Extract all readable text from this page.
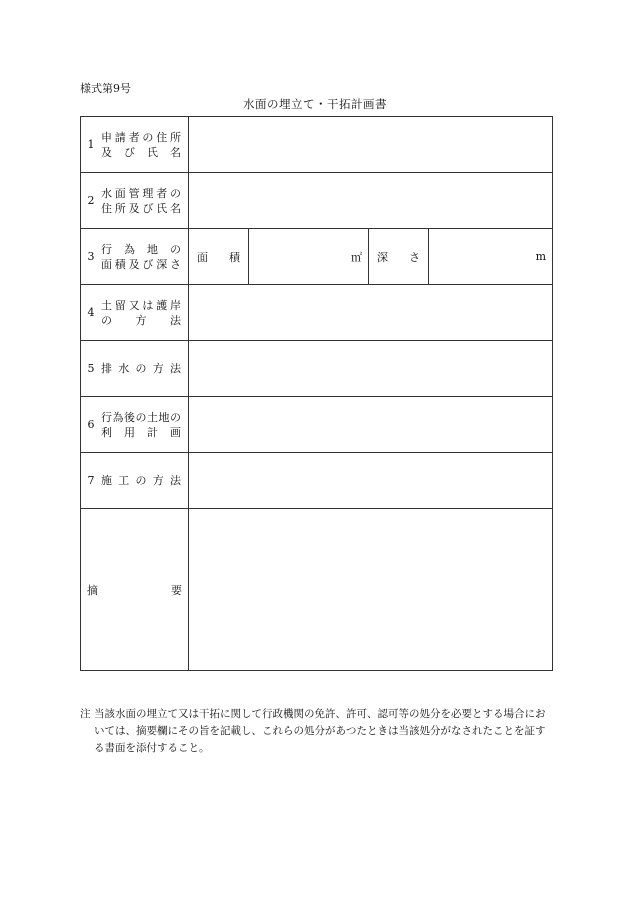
様式第9号
水面の埋立て・干拓計画書
1
申請者の住所
及 び 氏 名				

2
水面管理者の
住所及び氏名				

3
行 為 地 の
面積及び深さ	面 積	㎡	深 さ	m

4
土留又は護岸
の 方 法				

5 排 水 の 方 法				

6
行為後の土地の
利 用 計 画				

7 施 工 の 方 法				

摘 要				

注 当該水面の埋立て又は干拓に関して行政機関の免許、許可、認可等の処分を必要とする場合においては、摘要欄にその旨を記載し、これらの処分があつたときは当該処分がなされたことを証する書面を添付すること。
